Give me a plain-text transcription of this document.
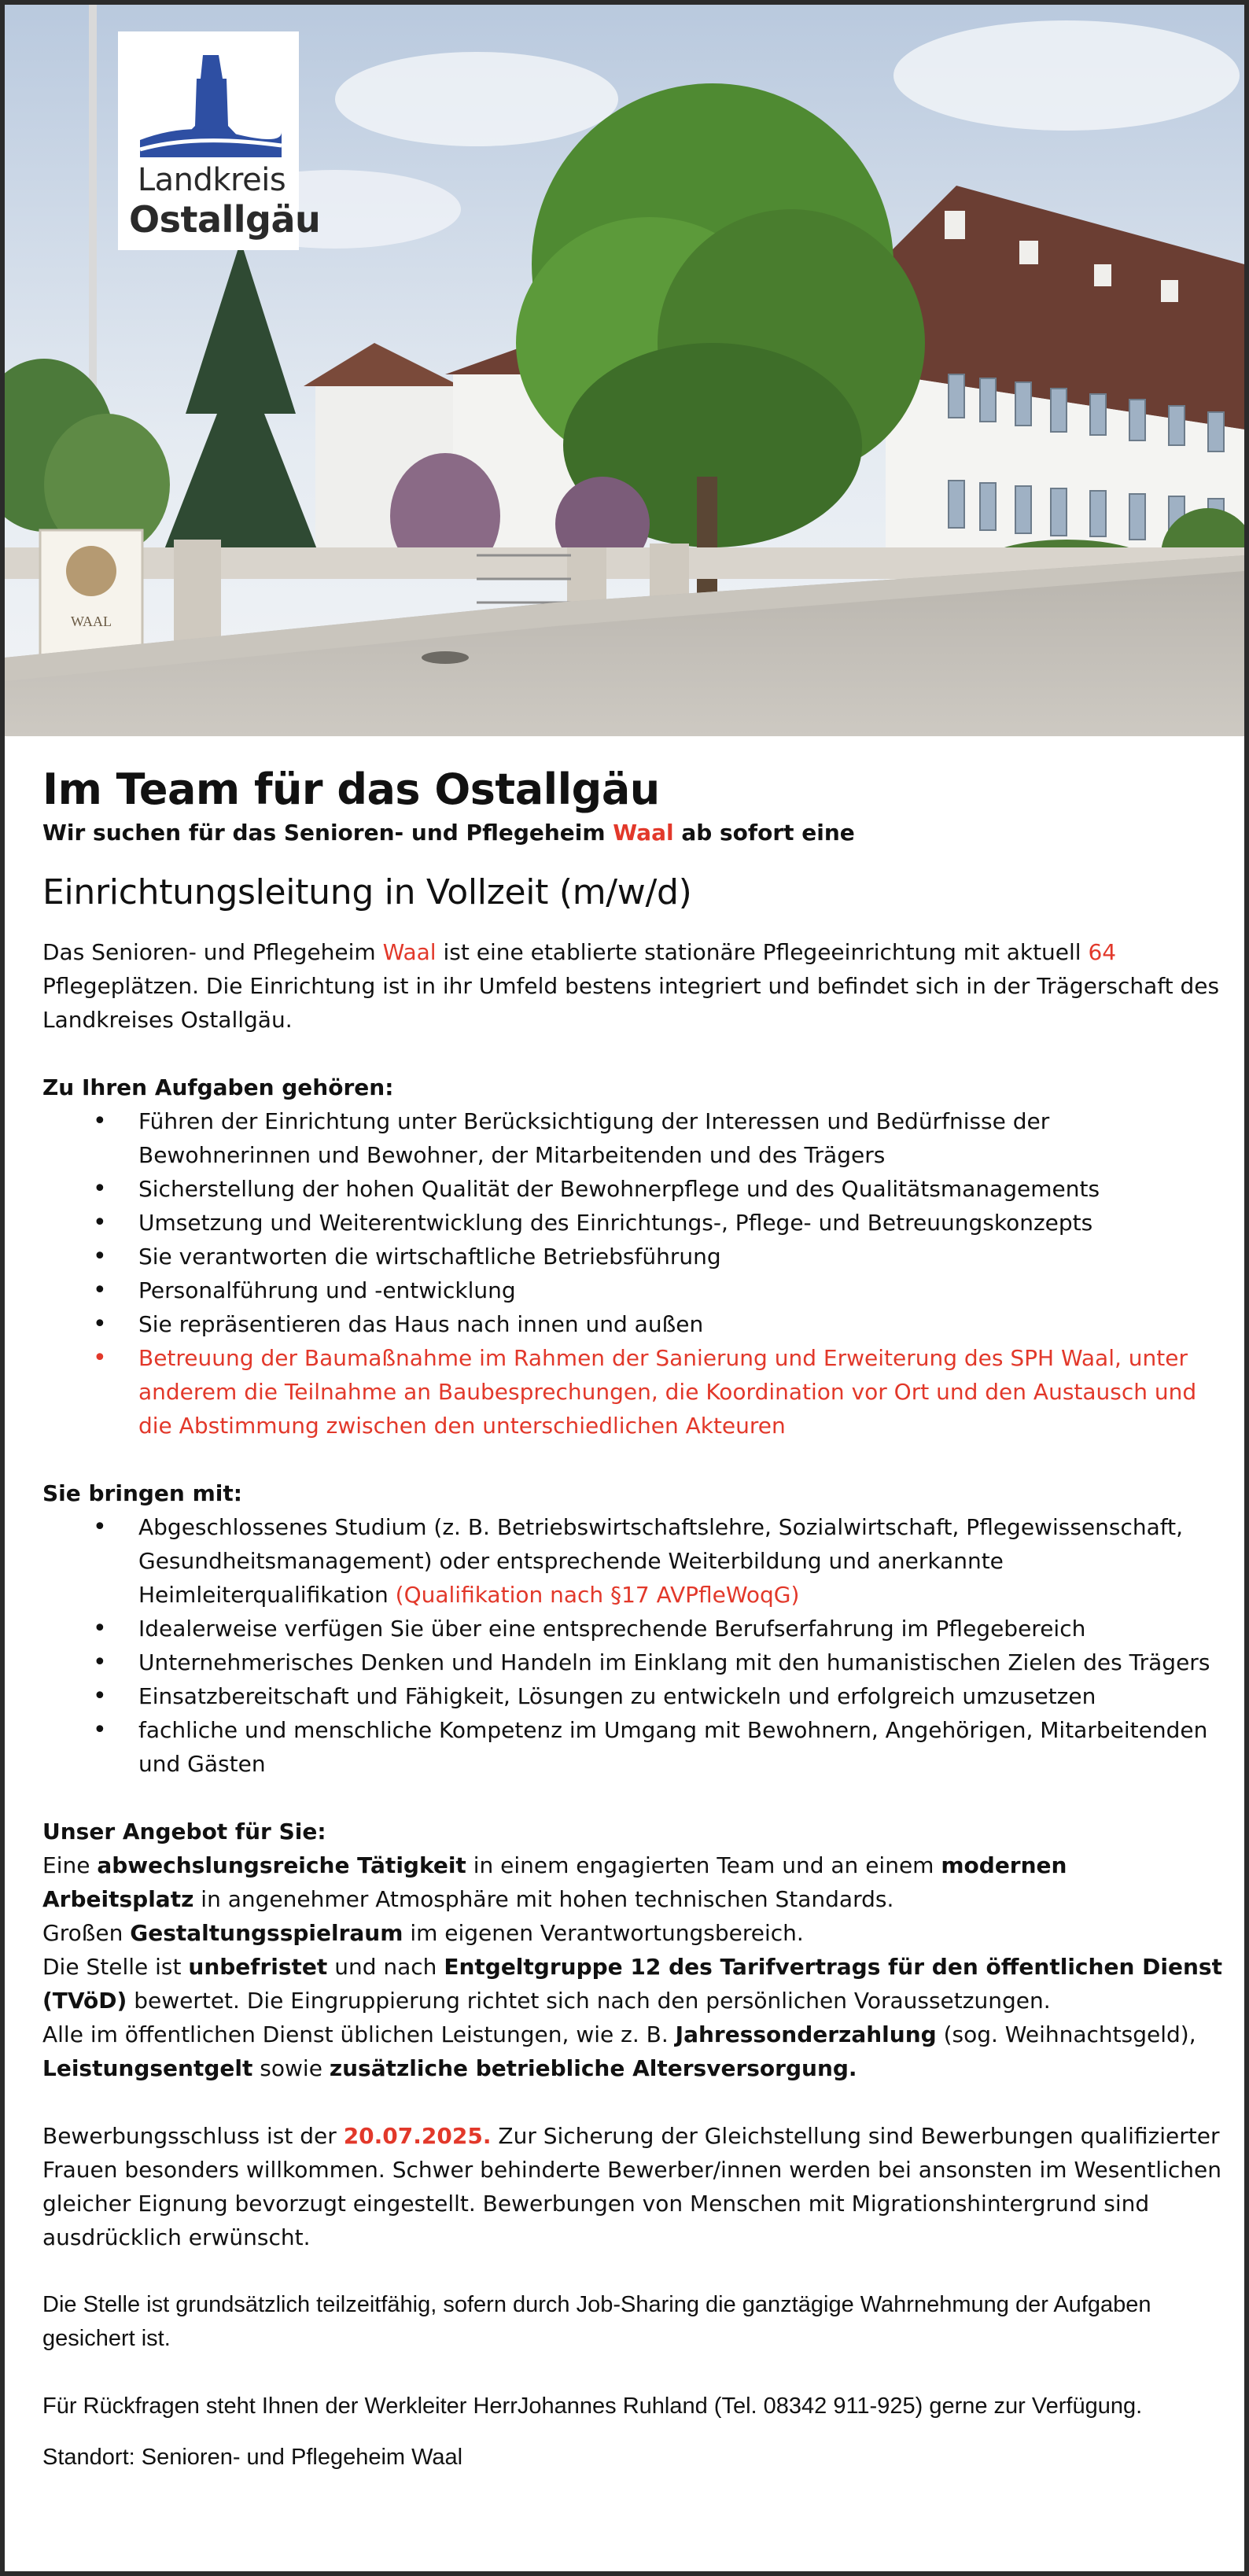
WAAL
Landkreis
Ostallgäu
Im Team für das Ostallgäu
Wir suchen für das Senioren- und Pflegeheim Waal ab sofort eine
Einrichtungsleitung in Vollzeit (m/w/d)

Das Senioren- und Pflegeheim Waal ist eine etablierte stationäre Pflegeeinrichtung mit aktuell 64 Pflegeplätzen. Die Einrichtung ist in ihr Umfeld bestens integriert und befindet sich in der Trägerschaft des Landkreises Ostallgäu.

Zu Ihren Aufgaben gehören:

• Führen der Einrichtung unter Berücksichtigung der Interessen und Bedürfnisse der Bewohnerinnen und Bewohner, der Mitarbeitenden und des Trägers
• Sicherstellung der hohen Qualität der Bewohnerpflege und des Qualitätsmanagements
• Umsetzung und Weiterentwicklung des Einrichtungs-, Pflege- und Betreuungskonzepts
• Sie verantworten die wirtschaftliche Betriebsführung
• Personalführung und -entwicklung
• Sie repräsentieren das Haus nach innen und außen
• Betreuung der Baumaßnahme im Rahmen der Sanierung und Erweiterung des SPH Waal, unter anderem die Teilnahme an Baubesprechungen, die Koordination vor Ort und den Austausch und die Abstimmung zwischen den unterschiedlichen Akteuren

Sie bringen mit:

• Abgeschlossenes Studium (z. B. Betriebswirtschaftslehre, Sozialwirtschaft, Pflegewissenschaft, Gesundheitsmanagement) oder entsprechende Weiterbildung und anerkannte Heimleiterqualifikation (Qualifikation nach §17 AVPfleWoqG)
• Idealerweise verfügen Sie über eine entsprechende Berufserfahrung im Pflegebereich
• Unternehmerisches Denken und Handeln im Einklang mit den humanistischen Zielen des Trägers
• Einsatzbereitschaft und Fähigkeit, Lösungen zu entwickeln und erfolgreich umzusetzen
• fachliche und menschliche Kompetenz im Umgang mit Bewohnern, Angehörigen, Mitarbeitenden und Gästen

Unser Angebot für Sie:

Eine abwechslungsreiche Tätigkeit in einem engagierten Team und an einem modernen Arbeitsplatz in angenehmer Atmosphäre mit hohen technischen Standards.

Großen Gestaltungsspielraum im eigenen Verantwortungsbereich.

Die Stelle ist unbefristet und nach Entgeltgruppe 12 des Tarifvertrags für den öffentlichen Dienst (TVöD) bewertet. Die Eingruppierung richtet sich nach den persönlichen Voraussetzungen.

Alle im öffentlichen Dienst üblichen Leistungen, wie z. B. Jahressonderzahlung (sog. Weihnachtsgeld), Leistungsentgelt sowie zusätzliche betriebliche Altersversorgung.

Bewerbungsschluss ist der 20.07.2025. Zur Sicherung der Gleichstellung sind Bewerbungen qualifizierter Frauen besonders willkommen. Schwer behinderte Bewerber/innen werden bei ansonsten im Wesentlichen gleicher Eignung bevorzugt eingestellt. Bewerbungen von Menschen mit Migrationshintergrund sind ausdrücklich erwünscht.

Die Stelle ist grundsätzlich teilzeitfähig, sofern durch Job-Sharing die ganztägige Wahrnehmung der Aufgaben gesichert ist.

Für Rückfragen steht Ihnen der Werkleiter HerrJohannes Ruhland (Tel. 08342 911-925) gerne zur Verfügung.

Standort: Senioren- und Pflegeheim Waal
